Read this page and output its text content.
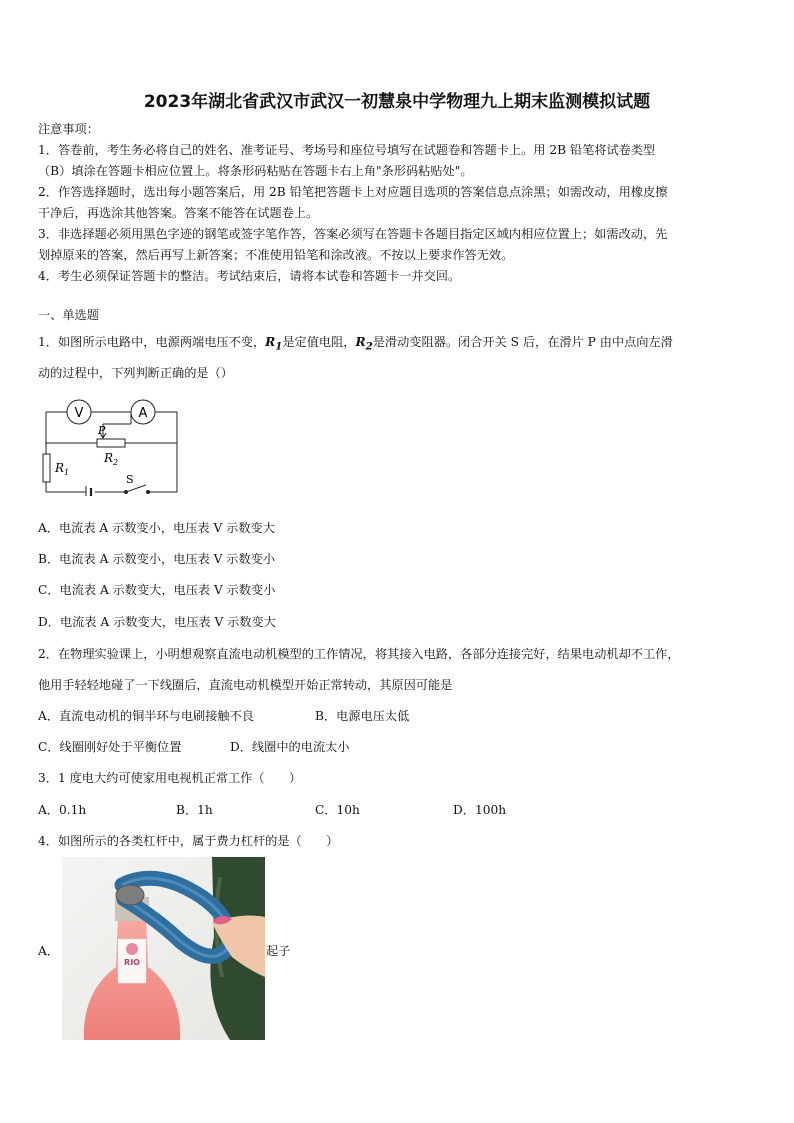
2023年湖北省武汉市武汉一初慧泉中学物理九上期末监测模拟试题
注意事项：
1．答卷前，考生务必将自己的姓名、准考证号、考场号和座位号填写在试题卷和答题卡上。用 2B 铅笔将试卷类型
（B）填涂在答题卡相应位置上。将条形码粘贴在答题卡右上角"条形码粘贴处"。
2．作答选择题时，选出每小题答案后，用 2B 铅笔把答题卡上对应题目选项的答案信息点涂黑；如需改动，用橡皮擦
干净后，再选涂其他答案。答案不能答在试题卷上。
3．非选择题必须用黑色字迹的钢笔或签字笔作答，答案必须写在答题卡各题目指定区域内相应位置上；如需改动，先
划掉原来的答案，然后再写上新答案；不准使用铅笔和涂改液。不按以上要求作答无效。
4．考生必须保证答题卡的整洁。考试结束后，请将本试卷和答题卡一并交回。
一、单选题
1．如图所示电路中，电源两端电压不变，$R_1$是定值电阻，$R_2$是滑动变阻器。闭合开关 S 后，在滑片 P 由中点向左滑
动的过程中，下列判断正确的是（）
V	A
P
$R_2$
$R_1$
S
A．电流表 A 示数变小，电压表 V 示数变大
B．电流表 A 示数变小，电压表 V 示数变小
C．电流表 A 示数变大，电压表 V 示数变小
D．电流表 A 示数变大，电压表 V 示数变大
2．在物理实验课上，小明想观察直流电动机模型的工作情况，将其接入电路，各部分连接完好，结果电动机却不工作，
他用手轻轻地碰了一下线圈后，直流电动机模型开始正常转动，其原因可能是
A．直流电动机的铜半环与电刷接触不良	B．电源电压太低
C．线圈刚好处于平衡位置	D．线圈中的电流太小
3．1 度电大约可使家用电视机正常工作（　　）
A．0.1h	B．1h	C．10h	D．100h
4．如图所示的各类杠杆中，属于费力杠杆的是（　　）
A．
RIO
起子
